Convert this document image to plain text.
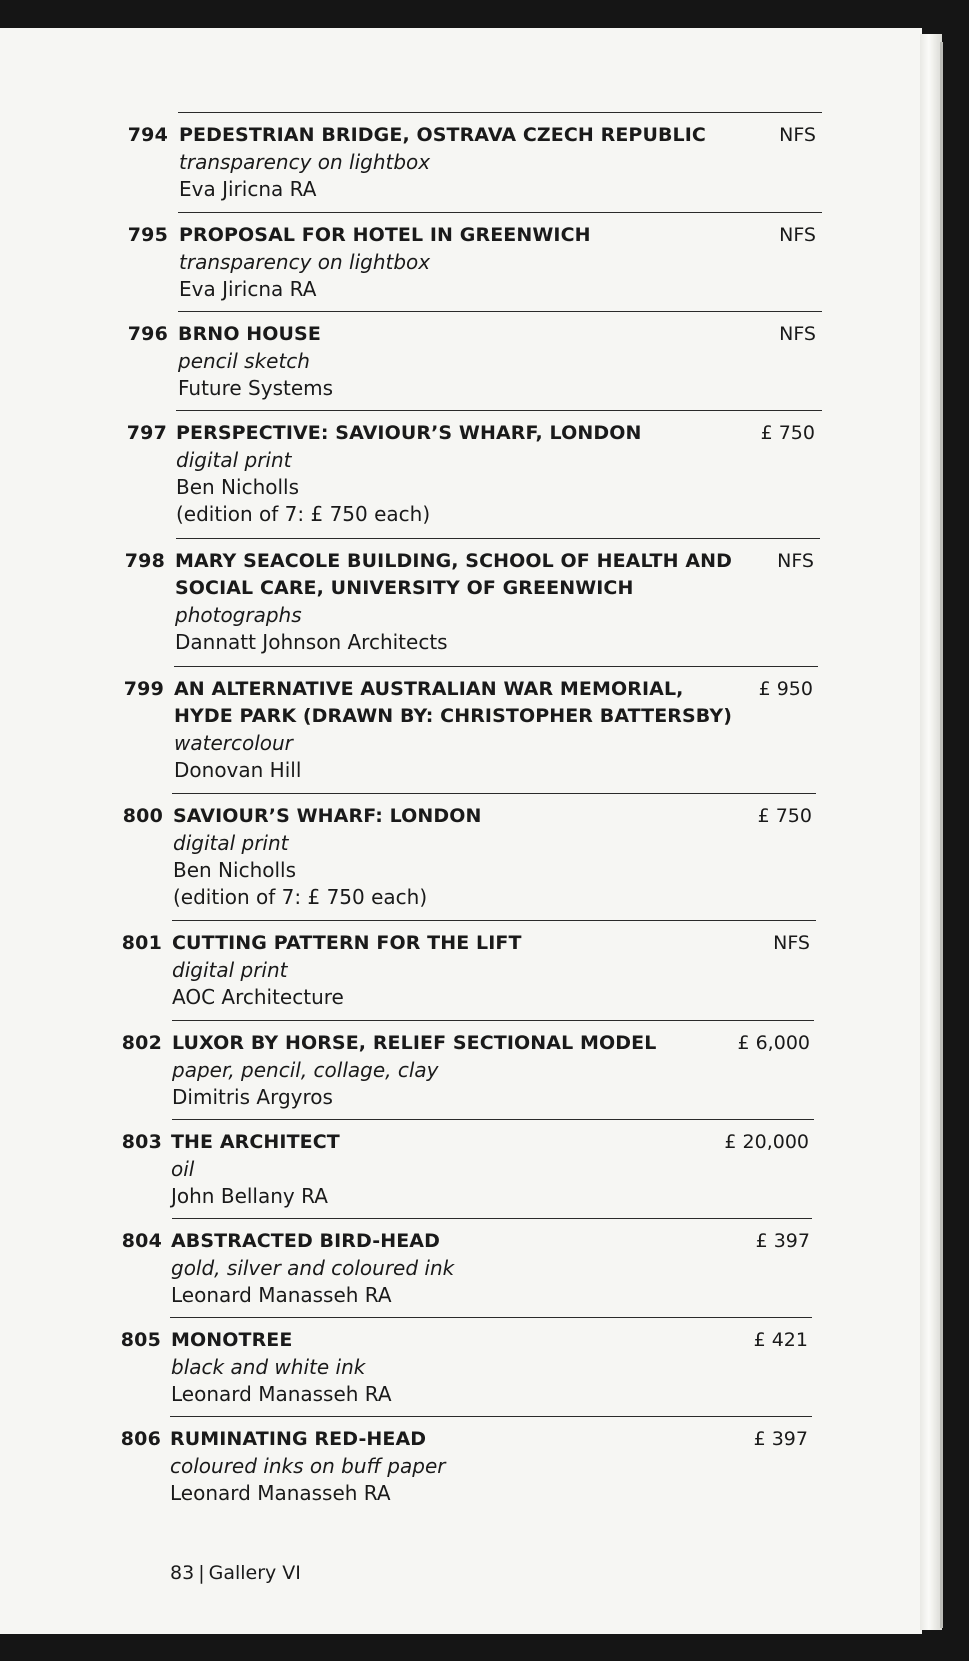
794 PEDESTRIAN BRIDGE, OSTRAVA CZECH REPUBLIC
transparency on lightbox
Eva Jiricna RA
NFS
795 PROPOSAL FOR HOTEL IN GREENWICH
transparency on lightbox
Eva Jiricna RA
NFS
796 BRNO HOUSE
pencil sketch
Future Systems
NFS
797 PERSPECTIVE: SAVIOUR’S WHARF, LONDON
digital print
Ben Nicholls
(edition of 7: £ 750 each)
£ 750
798 MARY SEACOLE BUILDING, SCHOOL OF HEALTH AND
SOCIAL CARE, UNIVERSITY OF GREENWICH
photographs
Dannatt Johnson Architects
NFS
799 AN ALTERNATIVE AUSTRALIAN WAR MEMORIAL,
HYDE PARK (DRAWN BY: CHRISTOPHER BATTERSBY)
watercolour
Donovan Hill
£ 950
800 SAVIOUR’S WHARF: LONDON
digital print
Ben Nicholls
(edition of 7: £ 750 each)
£ 750
801 CUTTING PATTERN FOR THE LIFT
digital print
AOC Architecture
NFS
802 LUXOR BY HORSE, RELIEF SECTIONAL MODEL
paper, pencil, collage, clay
Dimitris Argyros
£ 6,000
803 THE ARCHITECT
oil
John Bellany RA
£ 20,000
804 ABSTRACTED BIRD-HEAD
gold, silver and coloured ink
Leonard Manasseh RA
£ 397
805 MONOTREE
black and white ink
Leonard Manasseh RA
£ 421
806 RUMINATING RED-HEAD
coloured inks on buff paper
Leonard Manasseh RA
£ 397
83 | Gallery VI
